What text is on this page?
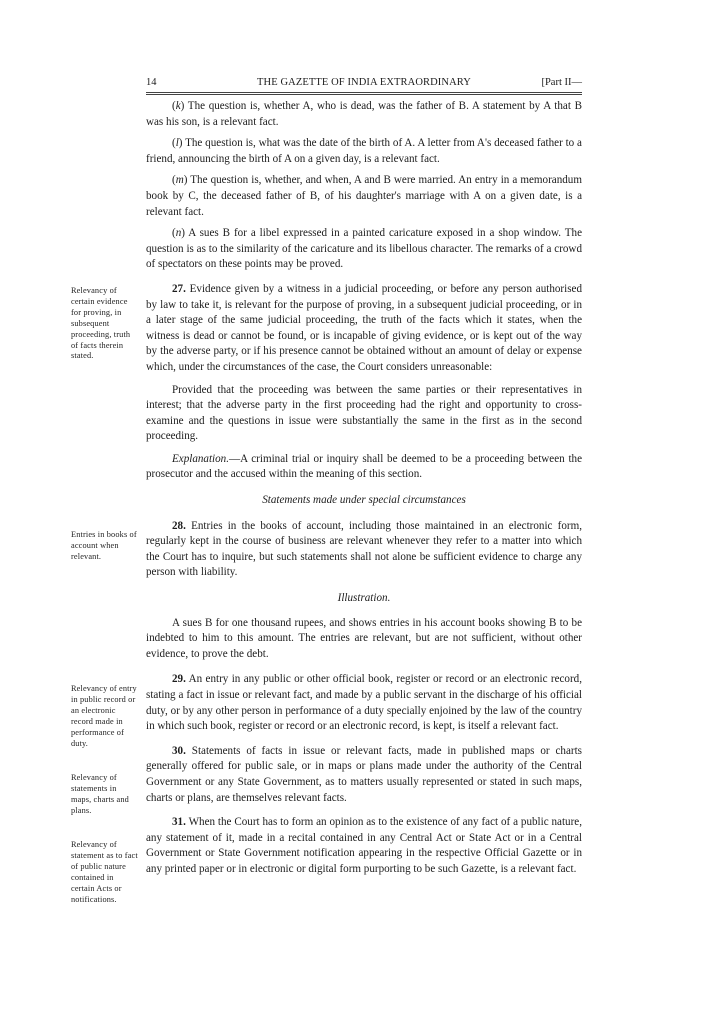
14	THE GAZETTE OF INDIA EXTRAORDINARY	[Part II—

(k) The question is, whether A, who is dead, was the father of B. A statement by A that B was his son, is a relevant fact.

(l) The question is, what was the date of the birth of A. A letter from A's deceased father to a friend, announcing the birth of A on a given day, is a relevant fact.

(m) The question is, whether, and when, A and B were married. An entry in a memorandum book by C, the deceased father of B, of his daughter's marriage with A on a given date, is a relevant fact.

(n) A sues B for a libel expressed in a painted caricature exposed in a shop window. The question is as to the similarity of the caricature and its libellous character. The remarks of a crowd of spectators on these points may be proved.

27. Evidence given by a witness in a judicial proceeding, or before any person authorised by law to take it, is relevant for the purpose of proving, in a subsequent judicial proceeding, or in a later stage of the same judicial proceeding, the truth of the facts which it states, when the witness is dead or cannot be found, or is incapable of giving evidence, or is kept out of the way by the adverse party, or if his presence cannot be obtained without an amount of delay or expense which, under the circumstances of the case, the Court considers unreasonable:

Provided that the proceeding was between the same parties or their representatives in interest; that the adverse party in the first proceeding had the right and opportunity to cross-examine and the questions in issue were substantially the same in the first as in the second proceeding.

Explanation.—A criminal trial or inquiry shall be deemed to be a proceeding between the prosecutor and the accused within the meaning of this section.

Statements made under special circumstances

28. Entries in the books of account, including those maintained in an electronic form, regularly kept in the course of business are relevant whenever they refer to a matter into which the Court has to inquire, but such statements shall not alone be sufficient evidence to charge any person with liability.

Illustration.

A sues B for one thousand rupees, and shows entries in his account books showing B to be indebted to him to this amount. The entries are relevant, but are not sufficient, without other evidence, to prove the debt.

29. An entry in any public or other official book, register or record or an electronic record, stating a fact in issue or relevant fact, and made by a public servant in the discharge of his official duty, or by any other person in performance of a duty specially enjoined by the law of the country in which such book, register or record or an electronic record, is kept, is itself a relevant fact.

30. Statements of facts in issue or relevant facts, made in published maps or charts generally offered for public sale, or in maps or plans made under the authority of the Central Government or any State Government, as to matters usually represented or stated in such maps, charts or plans, are themselves relevant facts.

31. When the Court has to form an opinion as to the existence of any fact of a public nature, any statement of it, made in a recital contained in any Central Act or State Act or in a Central Government or State Government notification appearing in the respective Official Gazette or in any printed paper or in electronic or digital form purporting to be such Gazette, is a relevant fact.

Relevancy of certain evidence for proving, in subsequent proceeding, truth of facts therein stated.
Entries in books of account when relevant.
Relevancy of entry in public record or an electronic record made in performance of duty.
Relevancy of statements in maps, charts and plans.
Relevancy of statement as to fact of public nature contained in certain Acts or notifications.
